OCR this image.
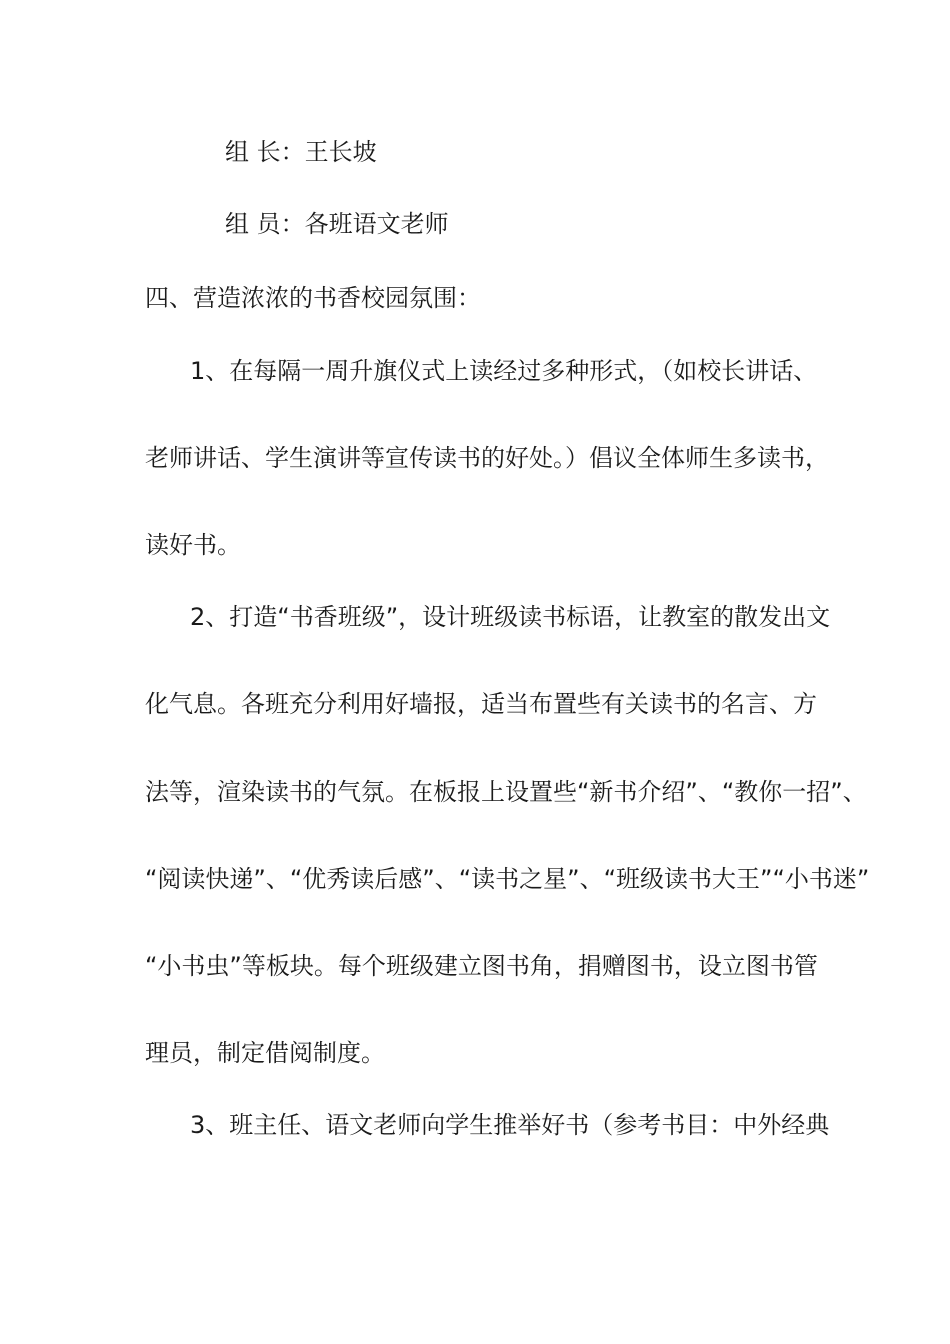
组 长：王长坡
组 员：各班语文老师
四、营造浓浓的书香校园氛围：
1、在每隔一周升旗仪式上读经过多种形式，（如校长讲话、
老师讲话、学生演讲等宣传读书的好处。）倡议全体师生多读书，
读好书。
2、打造“书香班级”，设计班级读书标语，让教室的散发出文
化气息。各班充分利用好墙报，适当布置些有关读书的名言、方
法等，渲染读书的气氛。在板报上设置些“新书介绍”、“教你一招”、
“阅读快递”、“优秀读后感”、“读书之星”、“班级读书大王”“小书迷”
“小书虫”等板块。每个班级建立图书角，捐赠图书，设立图书管
理员，制定借阅制度。
3、班主任、语文老师向学生推举好书（参考书目：中外经典
